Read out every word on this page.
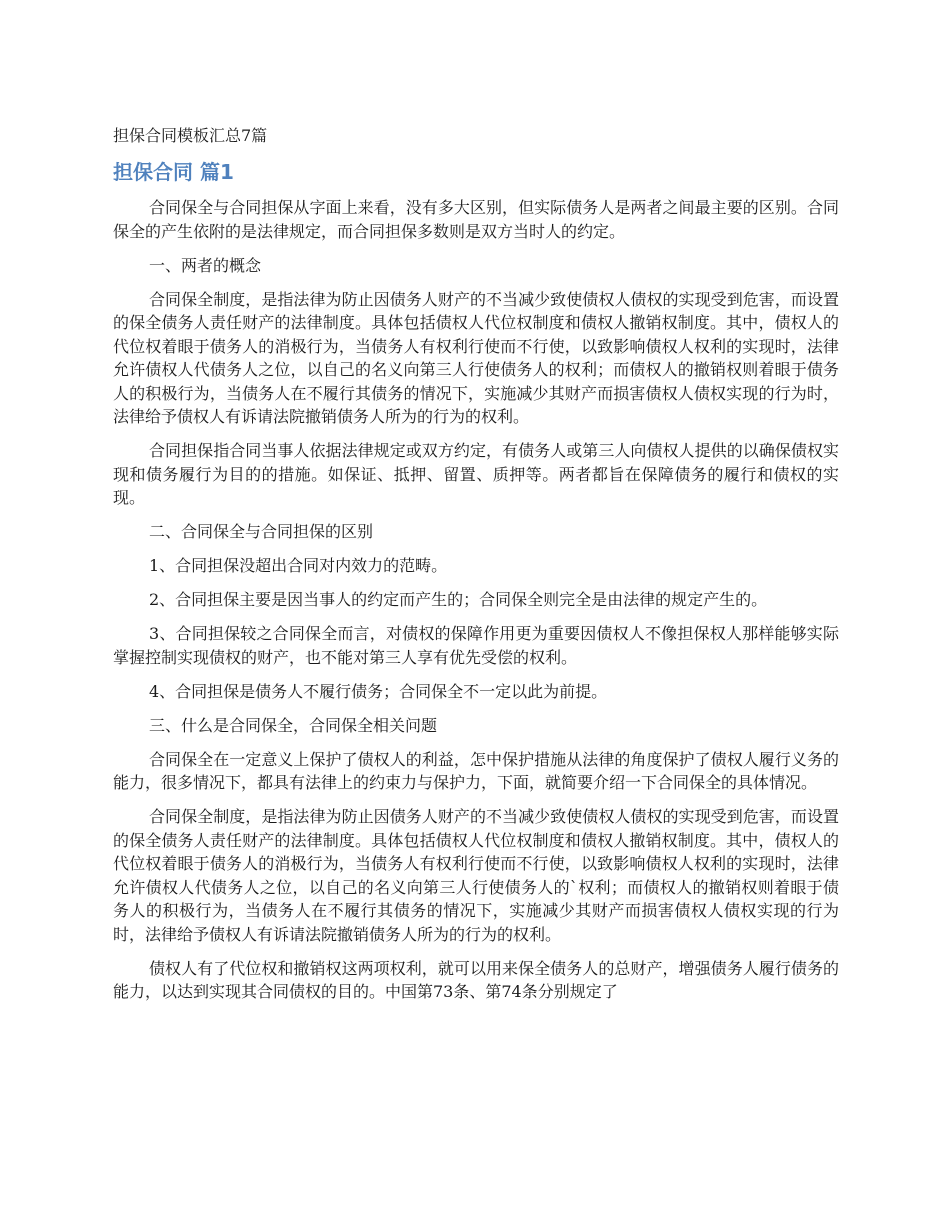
担保合同模板汇总7篇
担保合同 篇1

合同保全与合同担保从字面上来看，没有多大区别，但实际债务人是两者之间最主要的区别。合同保全的产生依附的是法律规定，而合同担保多数则是双方当时人的约定。

一、两者的概念

合同保全制度，是指法律为防止因债务人财产的不当减少致使债权人债权的实现受到危害，而设置的保全债务人责任财产的法律制度。具体包括债权人代位权制度和债权人撤销权制度。其中，债权人的代位权着眼于债务人的消极行为，当债务人有权利行使而不行使，以致影响债权人权利的实现时，法律允许债权人代债务人之位，以自己的名义向第三人行使债务人的权利；而债权人的撤销权则着眼于债务人的积极行为，当债务人在不履行其债务的情况下，实施减少其财产而损害债权人债权实现的行为时，法律给予债权人有诉请法院撤销债务人所为的行为的权利。

合同担保指合同当事人依据法律规定或双方约定，有债务人或第三人向债权人提供的以确保债权实现和债务履行为目的的措施。如保证、抵押、留置、质押等。两者都旨在保障债务的履行和债权的实现。

二、合同保全与合同担保的区别

1、合同担保没超出合同对内效力的范畴。

2、合同担保主要是因当事人的约定而产生的；合同保全则完全是由法律的规定产生的。

3、合同担保较之合同保全而言，对债权的保障作用更为重要因债权人不像担保权人那样能够实际掌握控制实现债权的财产，也不能对第三人享有优先受偿的权利。

4、合同担保是债务人不履行债务；合同保全不一定以此为前提。

三、什么是合同保全，合同保全相关问题

合同保全在一定意义上保护了债权人的利益，怎中保护措施从法律的角度保护了债权人履行义务的能力，很多情况下，都具有法律上的约束力与保护力，下面，就简要介绍一下合同保全的具体情况。

合同保全制度，是指法律为防止因债务人财产的不当减少致使债权人债权的实现受到危害，而设置的保全债务人责任财产的法律制度。具体包括债权人代位权制度和债权人撤销权制度。其中，债权人的代位权着眼于债务人的消极行为，当债务人有权利行使而不行使，以致影响债权人权利的实现时，法律允许债权人代债务人之位，以自己的名义向第三人行使债务人的`权利；而债权人的撤销权则着眼于债务人的积极行为，当债务人在不履行其债务的情况下，实施减少其财产而损害债权人债权实现的行为时，法律给予债权人有诉请法院撤销债务人所为的行为的权利。

债权人有了代位权和撤销权这两项权利，就可以用来保全债务人的总财产，增强债务人履行债务的能力，以达到实现其合同债权的目的。中国第73条、第74条分别规定了
